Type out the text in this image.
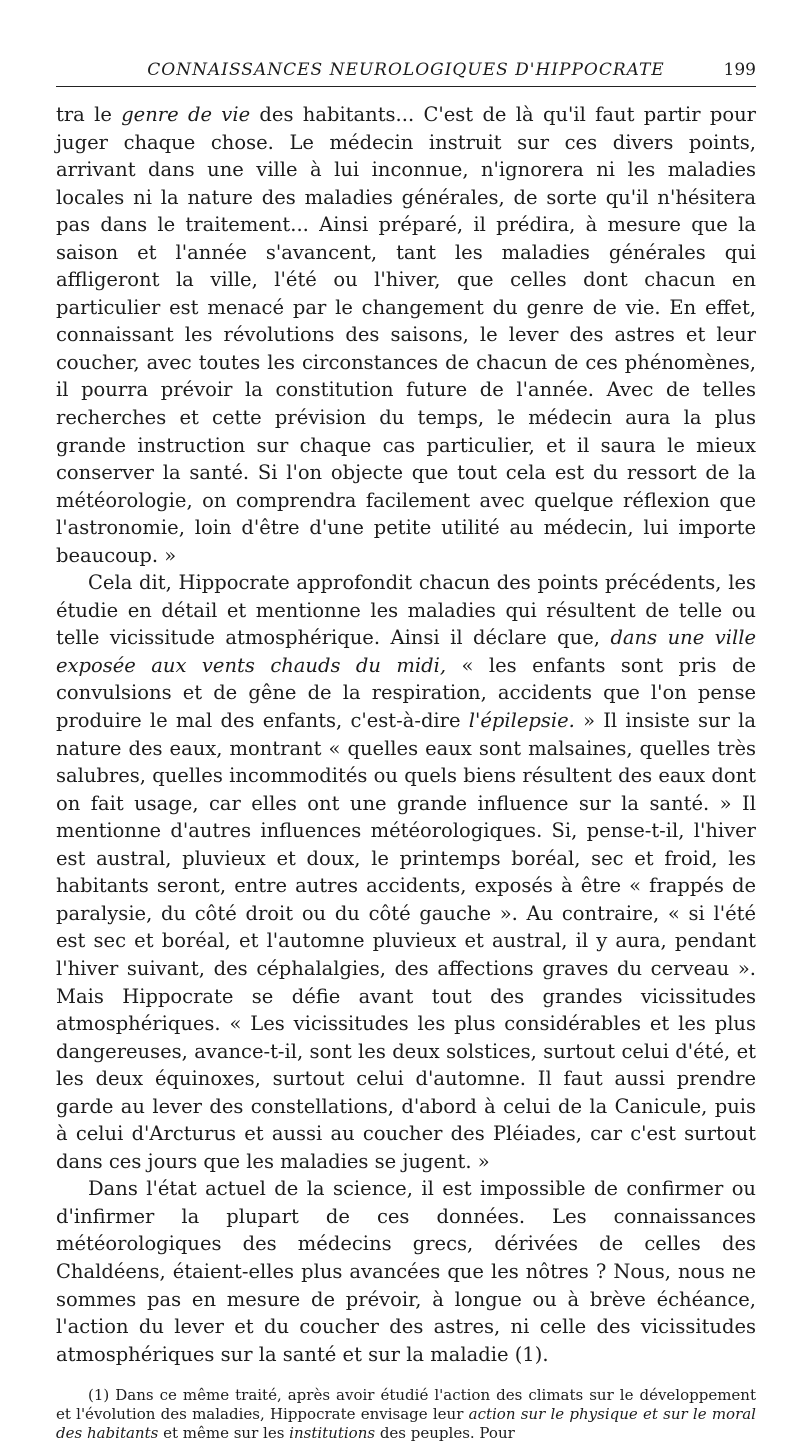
CONNAISSANCES NEUROLOGIQUES D'HIPPOCRATE	199

tra le genre de vie des habitants... C'est de là qu'il faut partir pour juger chaque chose. Le médecin instruit sur ces divers points, arrivant dans une ville à lui inconnue, n'ignorera ni les maladies locales ni la nature des maladies générales, de sorte qu'il n'hésitera pas dans le traitement... Ainsi préparé, il prédira, à mesure que la saison et l'année s'avancent, tant les maladies générales qui affligeront la ville, l'été ou l'hiver, que celles dont chacun en particulier est menacé par le changement du genre de vie. En effet, connaissant les révolutions des saisons, le lever des astres et leur coucher, avec toutes les circonstances de chacun de ces phénomènes, il pourra prévoir la constitution future de l'année. Avec de telles recherches et cette prévision du temps, le médecin aura la plus grande instruction sur chaque cas particulier, et il saura le mieux conserver la santé. Si l'on objecte que tout cela est du ressort de la météorologie, on comprendra facilement avec quelque réflexion que l'astronomie, loin d'être d'une petite utilité au médecin, lui importe beaucoup. »

Cela dit, Hippocrate approfondit chacun des points précédents, les étudie en détail et mentionne les maladies qui résultent de telle ou telle vicissitude atmosphérique. Ainsi il déclare que, dans une ville exposée aux vents chauds du midi, « les enfants sont pris de convulsions et de gêne de la respiration, accidents que l'on pense produire le mal des enfants, c'est-à-dire l'épilepsie. » Il insiste sur la nature des eaux, montrant « quelles eaux sont malsaines, quelles très salubres, quelles incommodités ou quels biens résultent des eaux dont on fait usage, car elles ont une grande influence sur la santé. » Il mentionne d'autres influences météorologiques. Si, pense-t-il, l'hiver est austral, pluvieux et doux, le printemps boréal, sec et froid, les habitants seront, entre autres accidents, exposés à être « frappés de paralysie, du côté droit ou du côté gauche ». Au contraire, « si l'été est sec et boréal, et l'automne pluvieux et austral, il y aura, pendant l'hiver suivant, des céphalalgies, des affections graves du cerveau ». Mais Hippocrate se défie avant tout des grandes vicissitudes atmosphériques. « Les vicissitudes les plus considérables et les plus dangereuses, avance-t-il, sont les deux solstices, surtout celui d'été, et les deux équinoxes, surtout celui d'automne. Il faut aussi prendre garde au lever des constellations, d'abord à celui de la Canicule, puis à celui d'Arcturus et aussi au coucher des Pléiades, car c'est surtout dans ces jours que les maladies se jugent. »

Dans l'état actuel de la science, il est impossible de confirmer ou d'infirmer la plupart de ces données. Les connaissances météorologiques des médecins grecs, dérivées de celles des Chaldéens, étaient-elles plus avancées que les nôtres ? Nous, nous ne sommes pas en mesure de prévoir, à longue ou à brève échéance, l'action du lever et du coucher des astres, ni celle des vicissitudes atmosphériques sur la santé et sur la maladie (1).

(1) Dans ce même traité, après avoir étudié l'action des climats sur le développement et l'évolution des maladies, Hippocrate envisage leur action sur le physique et sur le moral des habitants et même sur les institutions des peuples. Pour
